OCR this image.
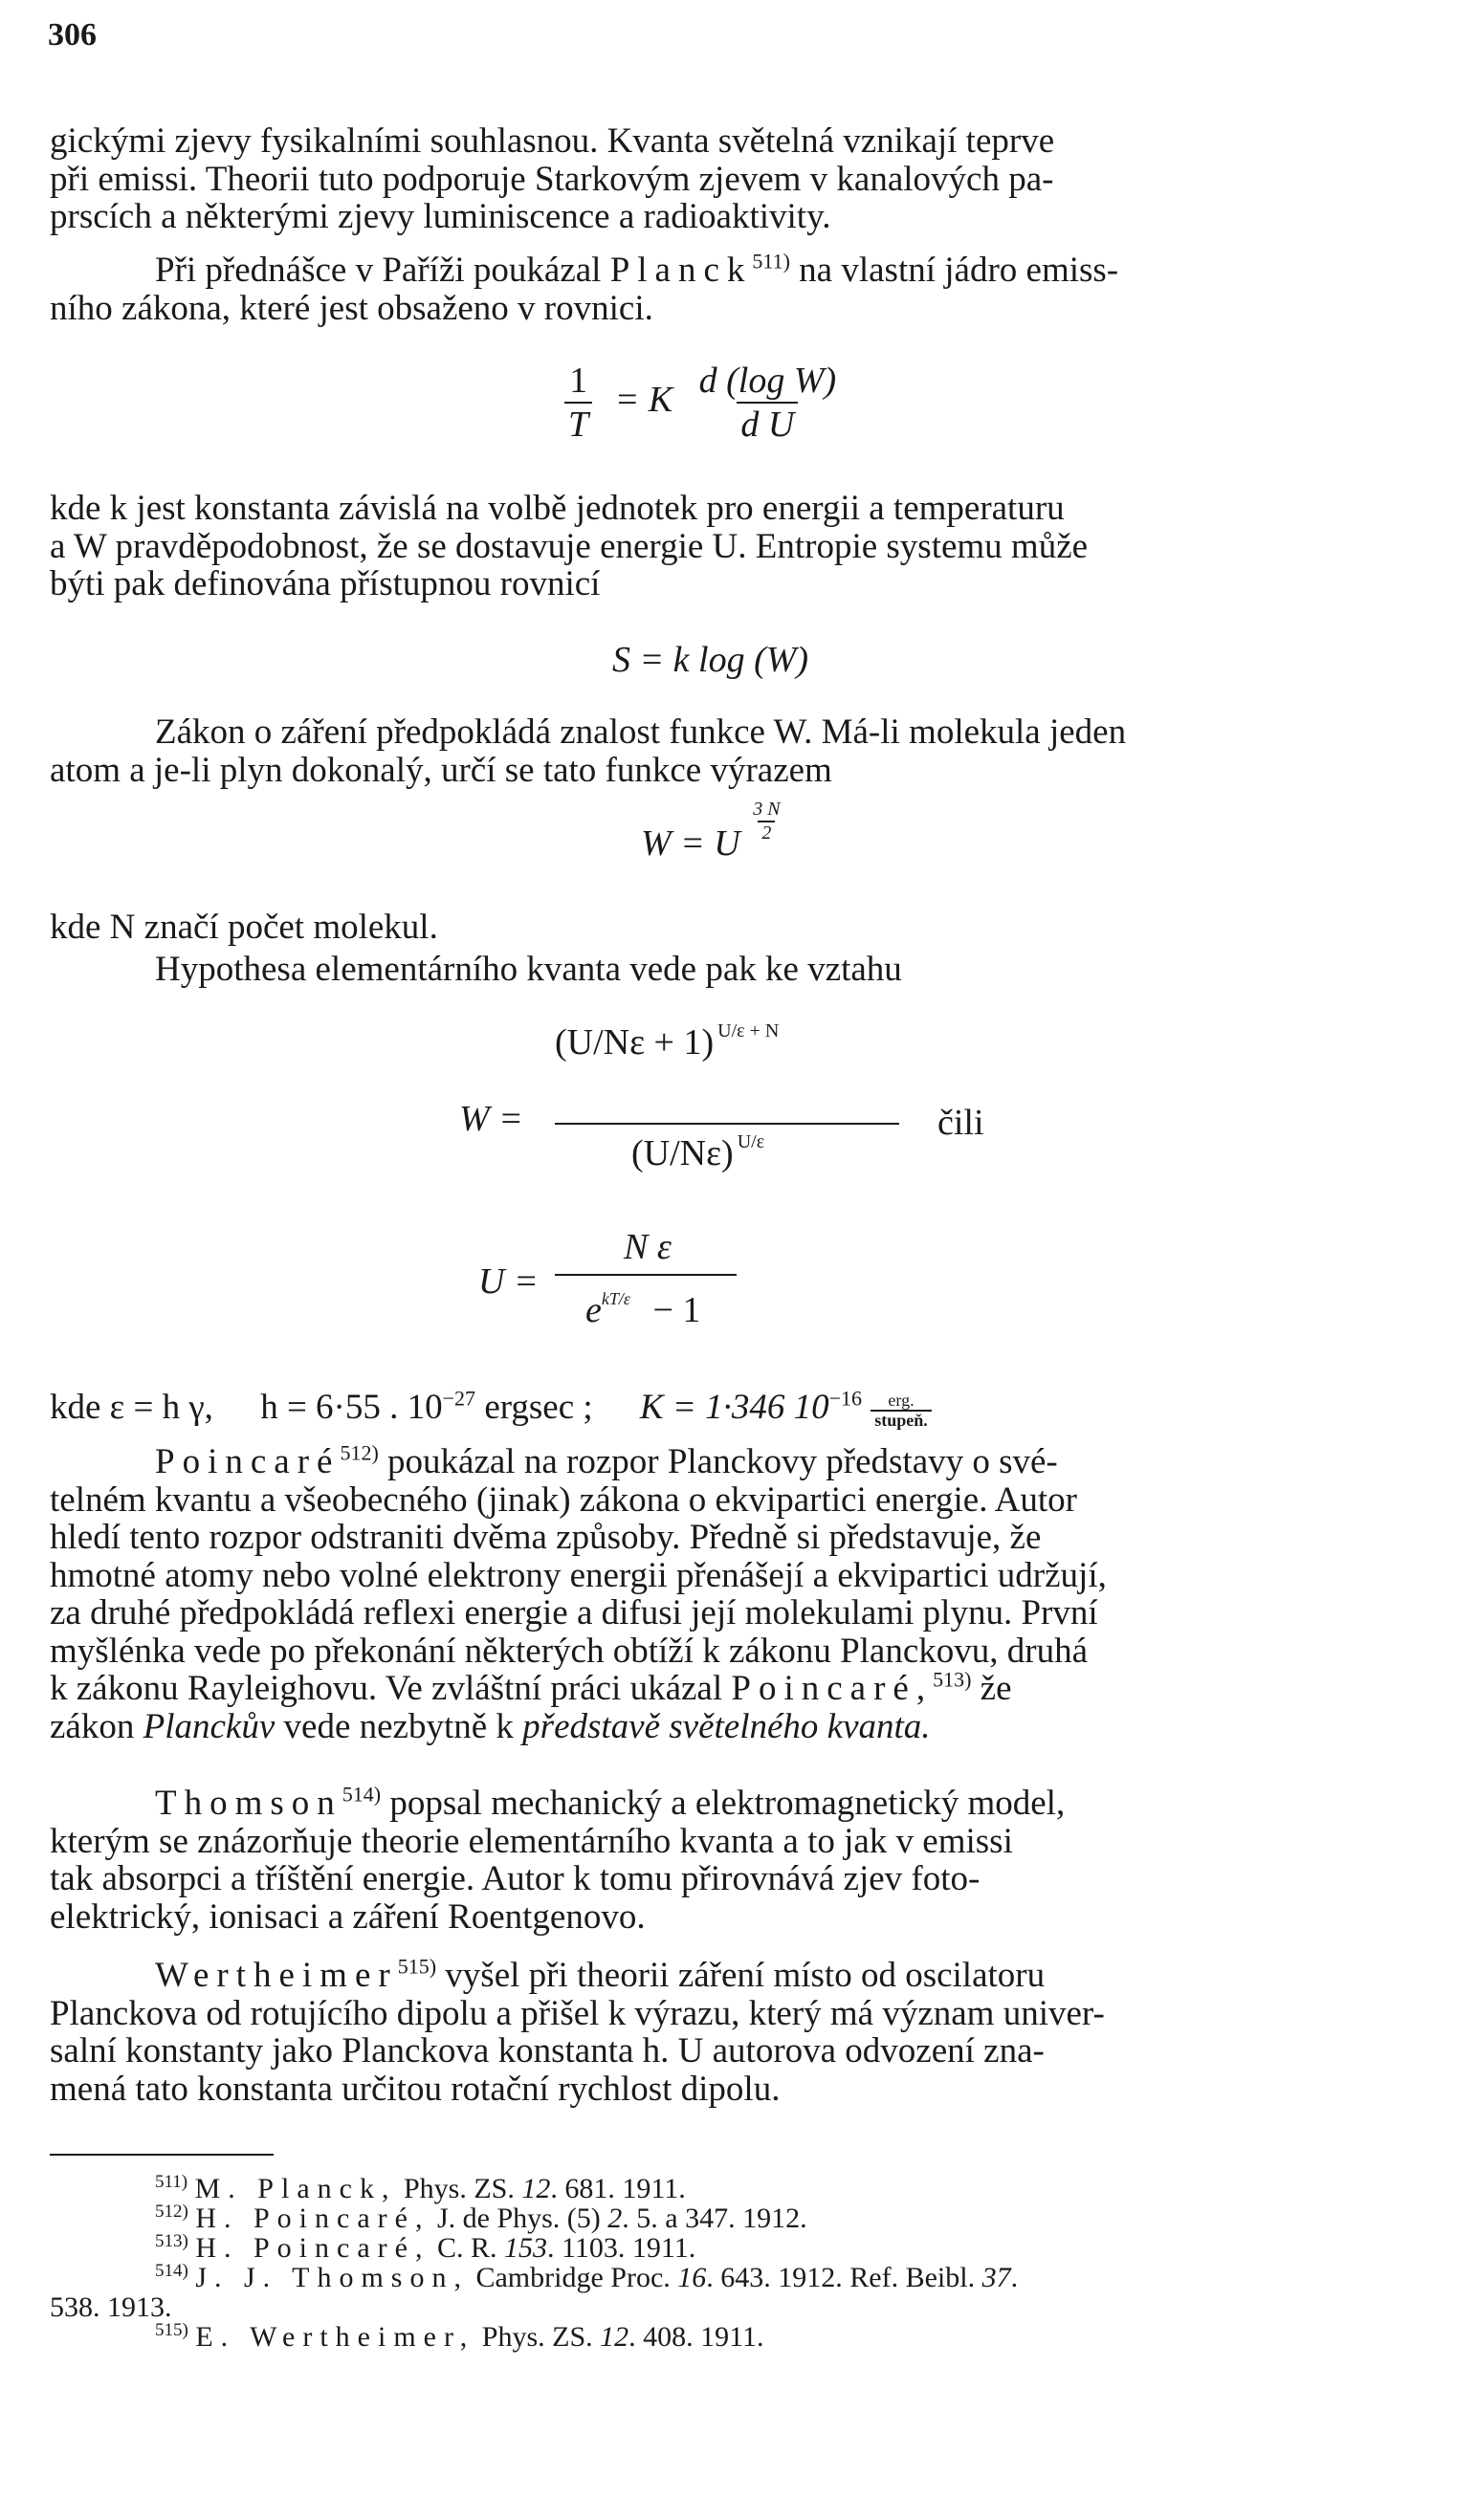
306
gickými zjevy fysikalními souhlasnou. Kvanta světelná vznikají teprve
při emissi. Theorii tuto podporuje Starkovým zjevem v kanalových pa-
prscích a některými zjevy luminiscence a radioaktivity.
Při přednášce v Paříži poukázal Planck$^{511)}$ na vlastní jádro emiss-
ního zákona, které jest obsaženo v rovnici.
$\frac{1}{T} = K \frac{\text{d (log W)}}{\text{d U}}$
kde k jest konstanta závislá na volbě jednotek pro energii a temperaturu
a W pravděpodobnost, že se dostavuje energie U. Entropie systemu může
býti pak definována přístupnou rovnicí
S = k log (W)
Zákon o záření předpokládá znalost funkce W. Má-li molekula jeden
atom a je-li plyn dokonalý, určí se tato funkce výrazem
W = U $\frac{3 N}{2}$
kde N značí počet molekul.
Hypothesa elementárního kvanta vede pak ke vztahu
W =
(U/Nε + 1) $^{U/\varepsilon + N}$
(U/Nε) $^{U/\varepsilon}$	čili
U =
N ε
$e^{kT/\varepsilon} - 1$
kde ε = h γ, h = 6·55 . $10^{-27}$ ergsec ; K = 1·346 $10^{-16} \frac{\text{erg.}}{\text{stupeň.}}$
Poincaré$^{512)}$ poukázal na rozpor Planckovy představy o své-
telném kvantu a všeobecného (jinak) zákona o ekvipartici energie. Autor
hledí tento rozpor odstraniti dvěma způsoby. Předně si představuje, že
hmotné atomy nebo volné elektrony energii přenášejí a ekvipartici udržují,
za druhé předpokládá reflexi energie a difusi její molekulami plynu. První
myšlénka vede po překonání některých obtíží k zákonu Planckovu, druhá
k zákonu Rayleighovu. Ve zvláštní práci ukázal Poincaré,$^{513)}$ že
zákon Planckův vede nezbytně k představě světelného kvanta.
Thomson$^{514)}$ popsal mechanický a elektromagnetický model,
kterým se znázorňuje theorie elementárního kvanta a to jak v emissi
tak absorpci a tříštění energie. Autor k tomu přirovnává zjev foto-
elektrický, ionisaci a záření Roentgenovo.
Wertheimer$^{515)}$ vyšel při theorii záření místo od oscilatoru
Planckova od rotujícího dipolu a přišel k výrazu, který má význam univer-
salní konstanty jako Planckova konstanta h. U autorova odvození zna-
mená tato konstanta určitou rotační rychlost dipolu.
$^{511)}$ M. Planck, Phys. ZS. 12. 681. 1911.
$^{512)}$ H. Poincaré, J. de Phys. (5) 2. 5. a 347. 1912.
$^{513)}$ H. Poincaré, C. R. 153. 1103. 1911.
$^{514)}$ J. J. Thomson, Cambridge Proc. 16. 643. 1912. Ref. Beibl. 37.
538. 1913.
$^{515)}$ E. Wertheimer, Phys. ZS. 12. 408. 1911.
